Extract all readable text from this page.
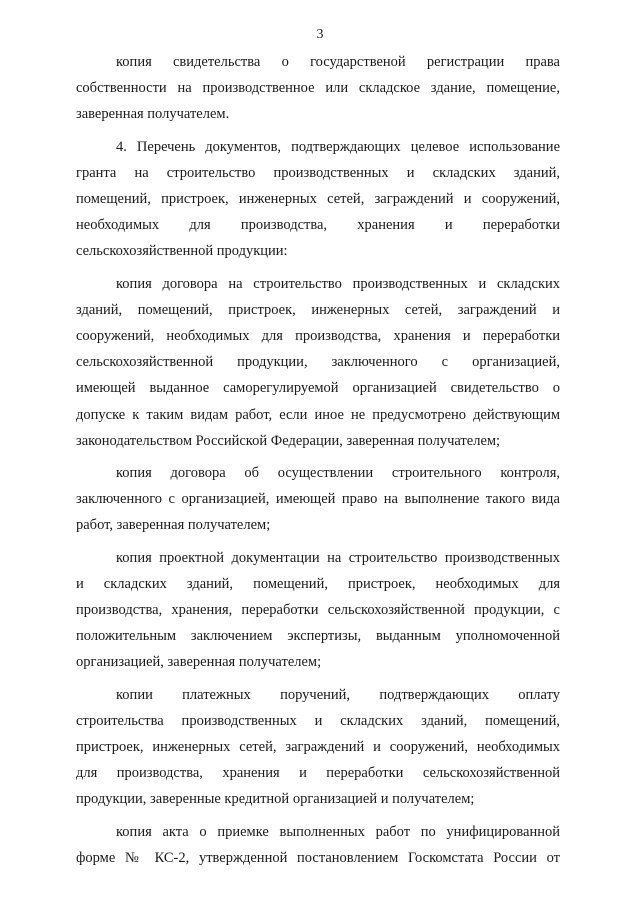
3
копия свидетельства о государственой регистрации права
собственности на производственное или складское здание, помещение,
заверенная получателем.
4. Перечень документов, подтверждающих целевое использование
гранта на строительство производственных и складских зданий,
помещений, пристроек, инженерных сетей, заграждений и сооружений,
необходимых для производства, хранения и переработки
сельскохозяйственной продукции:
копия договора на строительство производственных и складских
зданий, помещений, пристроек, инженерных сетей, заграждений и
сооружений, необходимых для производства, хранения и переработки
сельскохозяйственной продукции, заключенного с организацией,
имеющей выданное саморегулируемой организацией свидетельство о
допуске к таким видам работ, если иное не предусмотрено действующим
законодательством Российской Федерации, заверенная получателем;
копия договора об осуществлении строительного контроля,
заключенного с организацией, имеющей право на выполнение такого вида
работ, заверенная получателем;
копия проектной документации на строительство производственных
и складских зданий, помещений, пристроек, необходимых для
производства, хранения, переработки сельскохозяйственной продукции, с
положительным заключением экспертизы, выданным уполномоченной
организацией, заверенная получателем;
копии платежных поручений, подтверждающих оплату
строительства производственных и складских зданий, помещений,
пристроек, инженерных сетей, заграждений и сооружений, необходимых
для производства, хранения и переработки сельскохозяйственной
продукции, заверенные кредитной организацией и получателем;
копия акта о приемке выполненных работ по унифицированной
форме № КС-2, утвержденной постановлением Госкомстата России от
